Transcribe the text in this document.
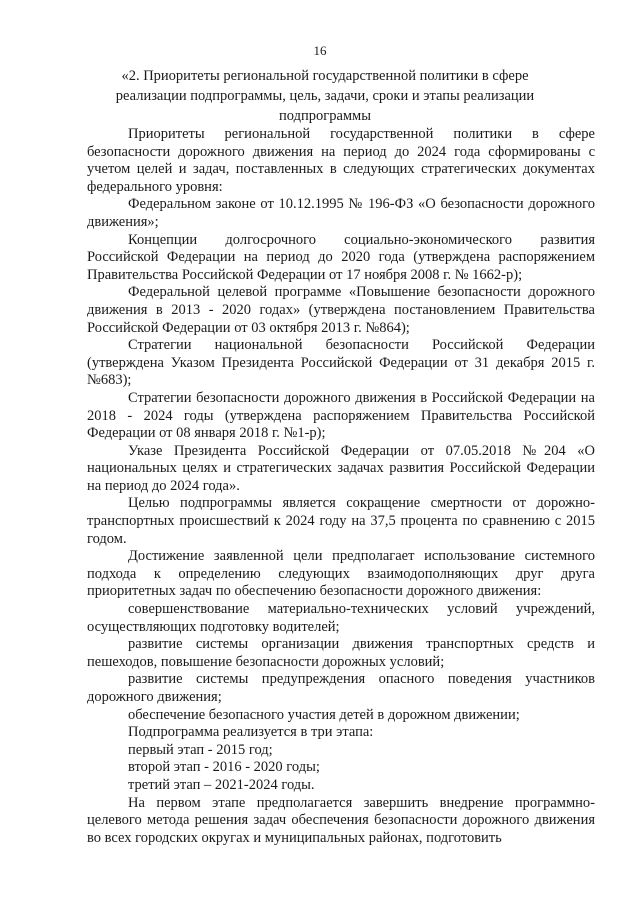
16
«2. Приоритеты региональной государственной политики в сфере реализации подпрограммы, цель, задачи, сроки и этапы реализации подпрограммы

Приоритеты региональной государственной политики в сфере безопасности дорожного движения на период до 2024 года сформированы с учетом целей и задач, поставленных в следующих стратегических документах федерального уровня:

Федеральном законе от 10.12.1995 № 196-ФЗ «О безопасности дорожного движения»;

Концепции долгосрочного социально-экономического развития Российской Федерации на период до 2020 года (утверждена распоряжением Правительства Российской Федерации от 17 ноября 2008 г. № 1662-р);

Федеральной целевой программе «Повышение безопасности дорожного движения в 2013 - 2020 годах» (утверждена постановлением Правительства Российской Федерации от 03 октября 2013 г. №864);

Стратегии национальной безопасности Российской Федерации (утверждена Указом Президента Российской Федерации от 31 декабря 2015 г. №683);

Стратегии безопасности дорожного движения в Российской Федерации на 2018 - 2024 годы (утверждена распоряжением Правительства Российской Федерации от 08 января 2018 г. №1-р);

Указе Президента Российской Федерации от 07.05.2018 №204 «О национальных целях и стратегических задачах развития Российской Федерации на период до 2024 года».

Целью подпрограммы является сокращение смертности от дорожно-транспортных происшествий к 2024 году на 37,5 процента по сравнению с 2015 годом.

Достижение заявленной цели предполагает использование системного подхода к определению следующих взаимодополняющих друг друга приоритетных задач по обеспечению безопасности дорожного движения:

совершенствование материально-технических условий учреждений, осуществляющих подготовку водителей;

развитие системы организации движения транспортных средств и пешеходов, повышение безопасности дорожных условий;

развитие системы предупреждения опасного поведения участников дорожного движения;

обеспечение безопасного участия детей в дорожном движении;

Подпрограмма реализуется в три этапа:

первый этап - 2015 год;

второй этап - 2016 - 2020 годы;

третий этап – 2021-2024 годы.

На первом этапе предполагается завершить внедрение программно-целевого метода решения задач обеспечения безопасности дорожного движения во всех городских округах и муниципальных районах, подготовить
